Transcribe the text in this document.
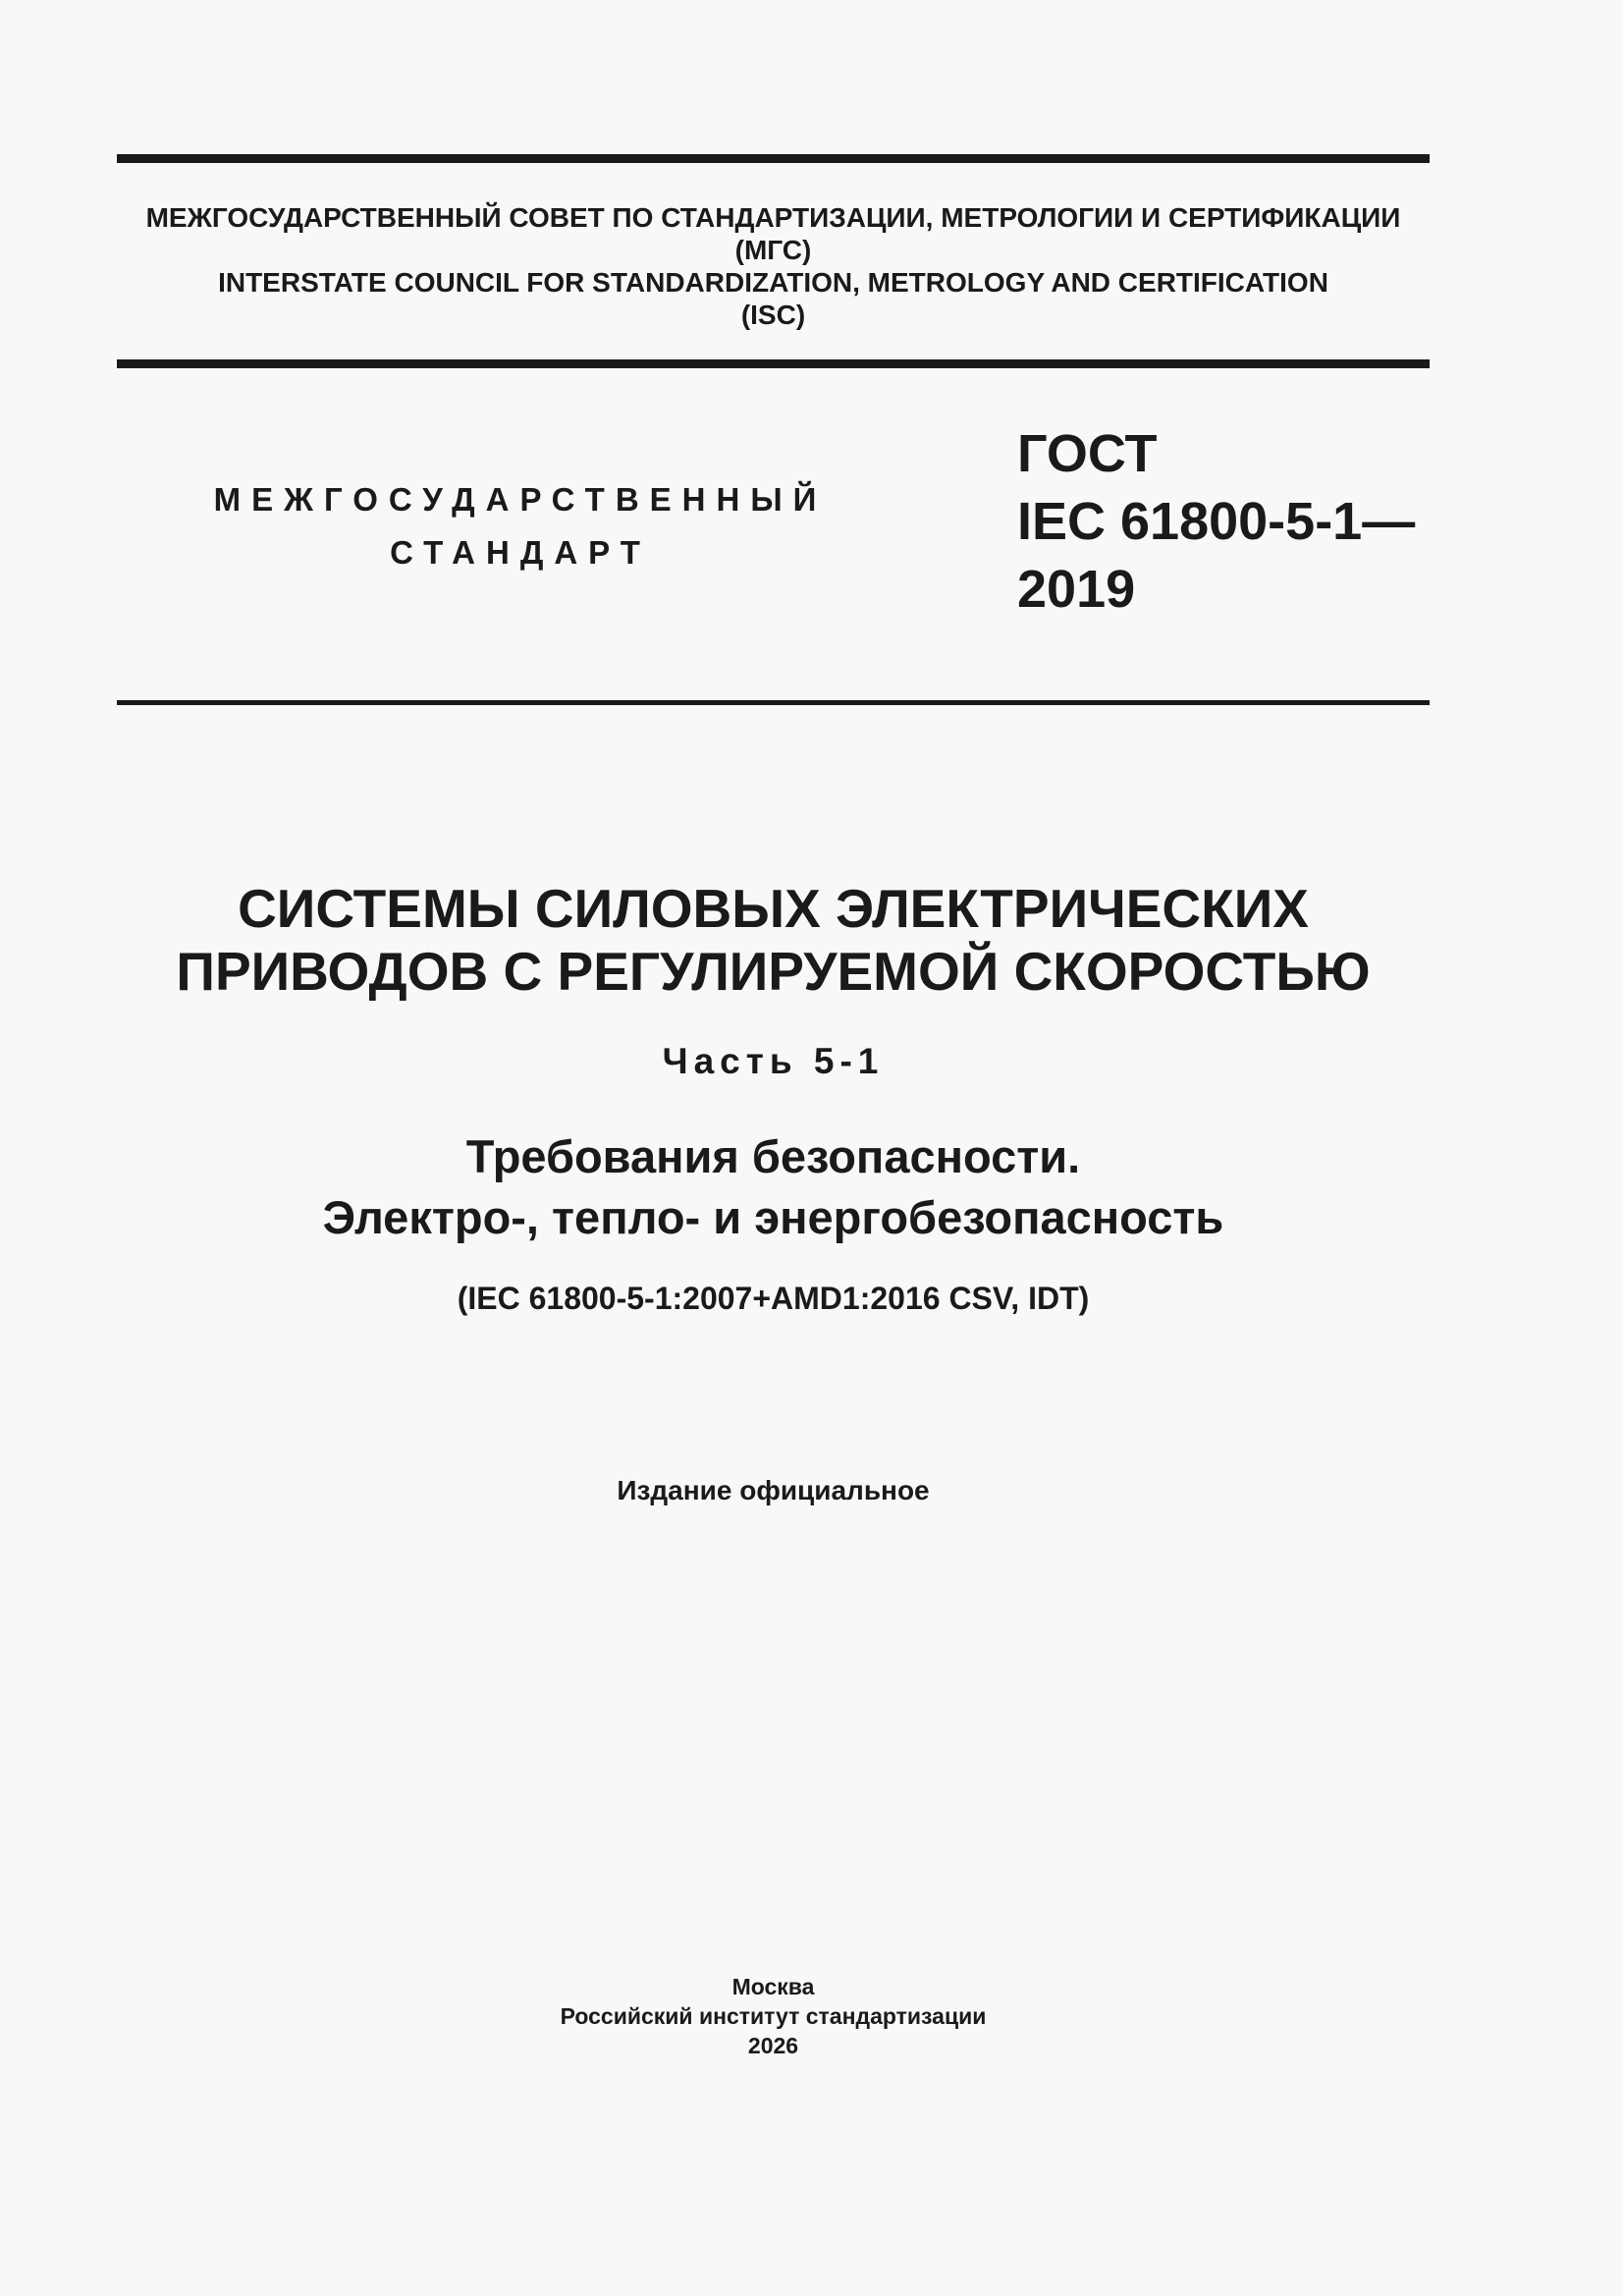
МЕЖГОСУДАРСТВЕННЫЙ СОВЕТ ПО СТАНДАРТИЗАЦИИ, МЕТРОЛОГИИ И СЕРТИФИКАЦИИ
(МГС)
INTERSTATE COUNCIL FOR STANDARDIZATION, METROLOGY AND CERTIFICATION
(ISC)
МЕЖГОСУДАРСТВЕННЫЙ
СТАНДАРТ
ГОСТ
IEC 61800-5-1—
2019
СИСТЕМЫ СИЛОВЫХ ЭЛЕКТРИЧЕСКИХ
ПРИВОДОВ С РЕГУЛИРУЕМОЙ СКОРОСТЬЮ
Часть 5-1
Требования безопасности.
Электро-, тепло- и энергобезопасность
(IEC 61800-5-1:2007+AMD1:2016 CSV, IDT)
Издание официальное
Москва
Российский институт стандартизации
2026
